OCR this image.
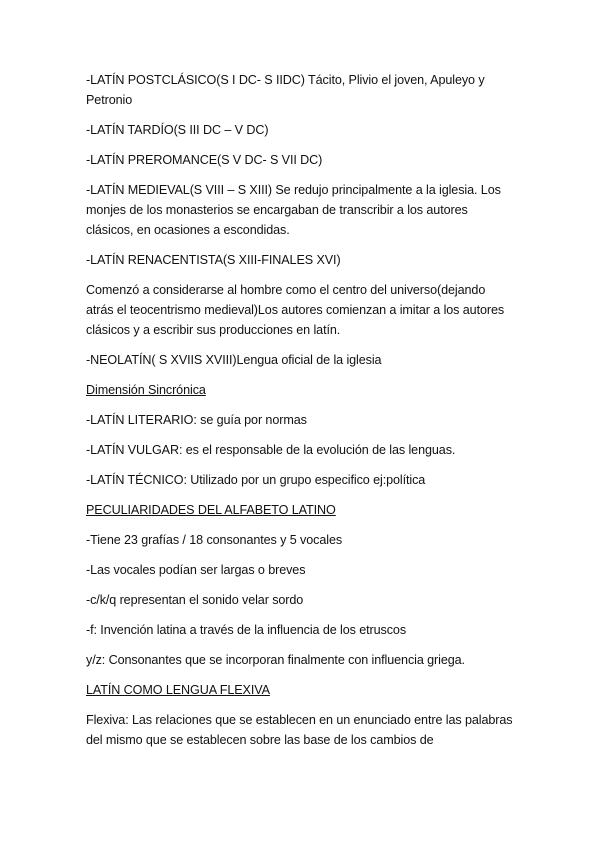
-LATÍN POSTCLÁSICO(S I DC- S IIDC) Tácito, Plivio el joven, Apuleyo y Petronio

-LATÍN TARDÍO(S III DC – V DC)

-LATÍN PREROMANCE(S V DC- S VII DC)

-LATÍN MEDIEVAL(S VIII – S XIII) Se redujo principalmente a la iglesia. Los monjes de los monasterios se encargaban de transcribir a los autores clásicos, en ocasiones a escondidas.

-LATÍN RENACENTISTA(S XIII-FINALES XVI)

Comenzó a considerarse al hombre como el centro del universo(dejando atrás el teocentrismo medieval)Los autores comienzan a imitar a los autores clásicos y a escribir sus producciones en latín.

-NEOLATÍN( S XVIIS XVIII)Lengua oficial de la iglesia

Dimensión Sincrónica

-LATÍN LITERARIO: se guía por normas

-LATÍN VULGAR: es el responsable de la evolución de las lenguas.

-LATÍN TÉCNICO: Utilizado por un grupo especifico ej:política

PECULIARIDADES DEL ALFABETO LATINO

-Tiene 23 grafías / 18 consonantes y 5 vocales

-Las vocales podían ser largas o breves

-c/k/q representan el sonido velar sordo

-f: Invención latina a través de la influencia de los etruscos

y/z: Consonantes que se incorporan finalmente con influencia griega.

LATÍN COMO LENGUA FLEXIVA

Flexiva: Las relaciones que se establecen en un enunciado entre las palabras del mismo que se establecen sobre las base de los cambios de
